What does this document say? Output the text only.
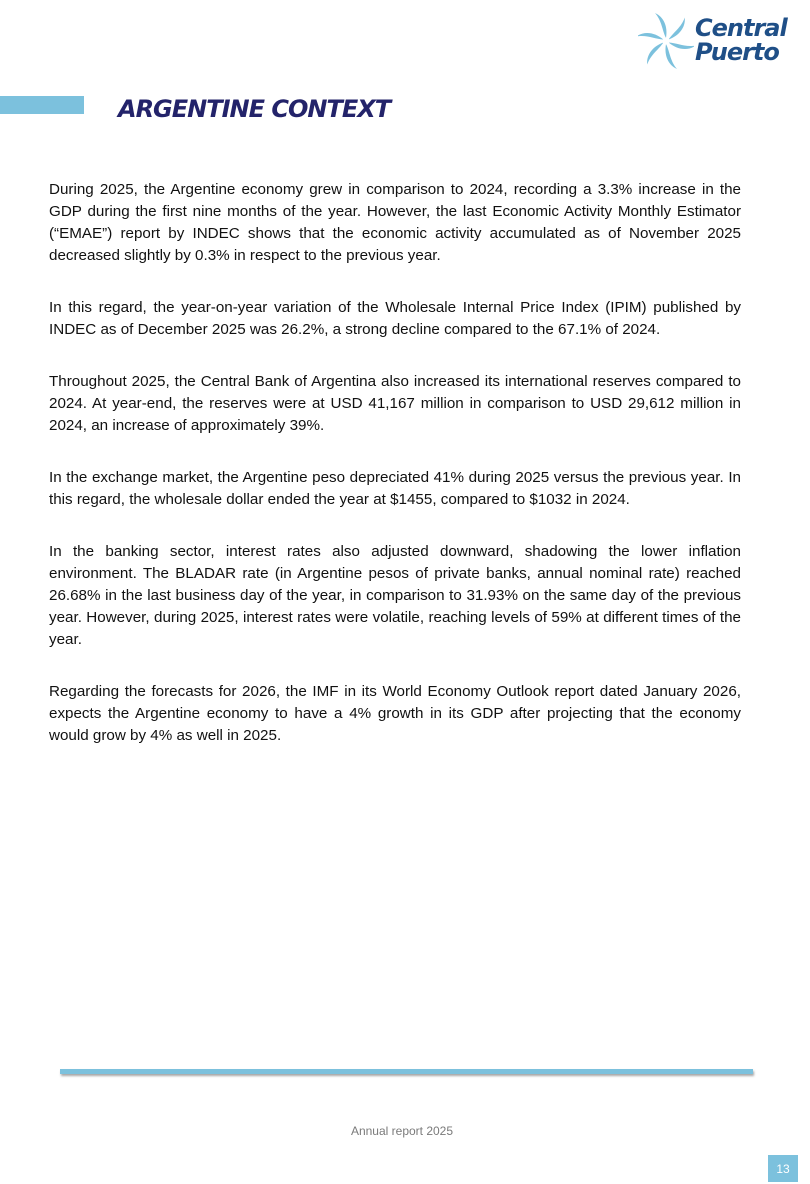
Central
Puerto
ARGENTINE CONTEXT

During 2025, the Argentine economy grew in comparison to 2024, recording a 3.3% increase in the GDP during the first nine months of the year. However, the last Economic Activity Monthly Estimator (“EMAE”) report by INDEC shows that the economic activity accumulated as of November 2025 decreased slightly by 0.3% in respect to the previous year.

In this regard, the year-on-year variation of the Wholesale Internal Price Index (IPIM) published by INDEC as of December 2025 was 26.2%, a strong decline compared to the 67.1% of 2024.

Throughout 2025, the Central Bank of Argentina also increased its international reserves compared to 2024. At year-end, the reserves were at USD 41,167 million in comparison to USD 29,612 million in 2024, an increase of approximately 39%.

In the exchange market, the Argentine peso depreciated 41% during 2025 versus the previous year. In this regard, the wholesale dollar ended the year at $1455, compared to $1032 in 2024.

In the banking sector, interest rates also adjusted downward, shadowing the lower inflation environment. The BLADAR rate (in Argentine pesos of private banks, annual nominal rate) reached 26.68% in the last business day of the year, in comparison to 31.93% on the same day of the previous year. However, during 2025, interest rates were volatile, reaching levels of 59% at different times of the year.

Regarding the forecasts for 2026, the IMF in its World Economy Outlook report dated January 2026, expects the Argentine economy to have a 4% growth in its GDP after projecting that the economy would grow by 4% as well in 2025.

Annual report 2025
13
